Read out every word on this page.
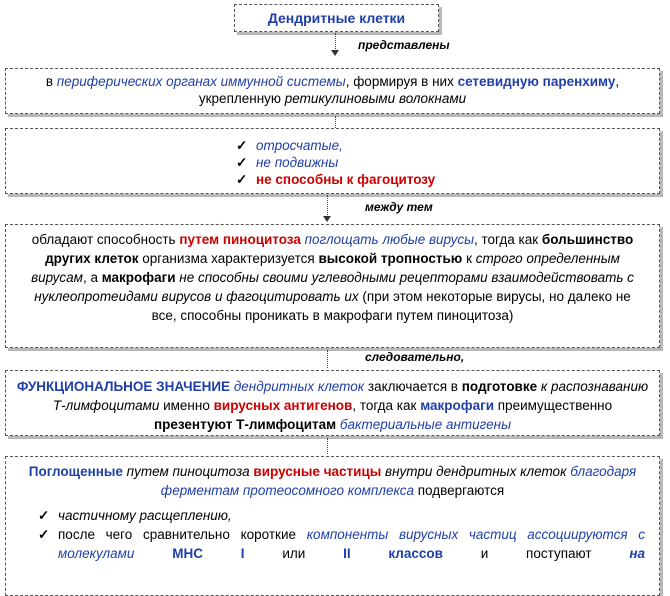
Дендритные клетки
представлены
в периферических органах иммунной системы, формируя в них сетевидную паренхиму, укрепленную ретикулиновыми волокнами
✓ отросчатые,
✓ не подвижны
✓ не способны к фагоцитозу
между тем
обладают способность путем пиноцитоза поглощать любые вирусы, тогда как большинство других клеток организма характеризуется высокой тропностью к строго определенным вирусам, а макрофаги не способны своими углеводными рецепторами взаимодействовать с нуклеопротеидами вирусов и фагоцитировать их (при этом некоторые вирусы, но далеко не все, способны проникать в макрофаги путем пиноцитоза)
следовательно,
ФУНКЦИОНАЛЬНОЕ ЗНАЧЕНИЕ дендритных клеток заключается в подготовке к распознаванию Т-лимфоцитами именно вирусных антигенов, тогда как макрофаги преимущественно презентуют Т-лимфоцитам бактериальные антигены
Поглощенные путем пиноцитоза вирусные частицы внутри дендритных клеток благодаря ферментам протеосомного комплекса подвергаются
✓ частичному расщеплению,
✓ после чего сравнительно короткие компоненты вирусных частиц ассоциируются с молекулами МНС I или II классов и поступают на
